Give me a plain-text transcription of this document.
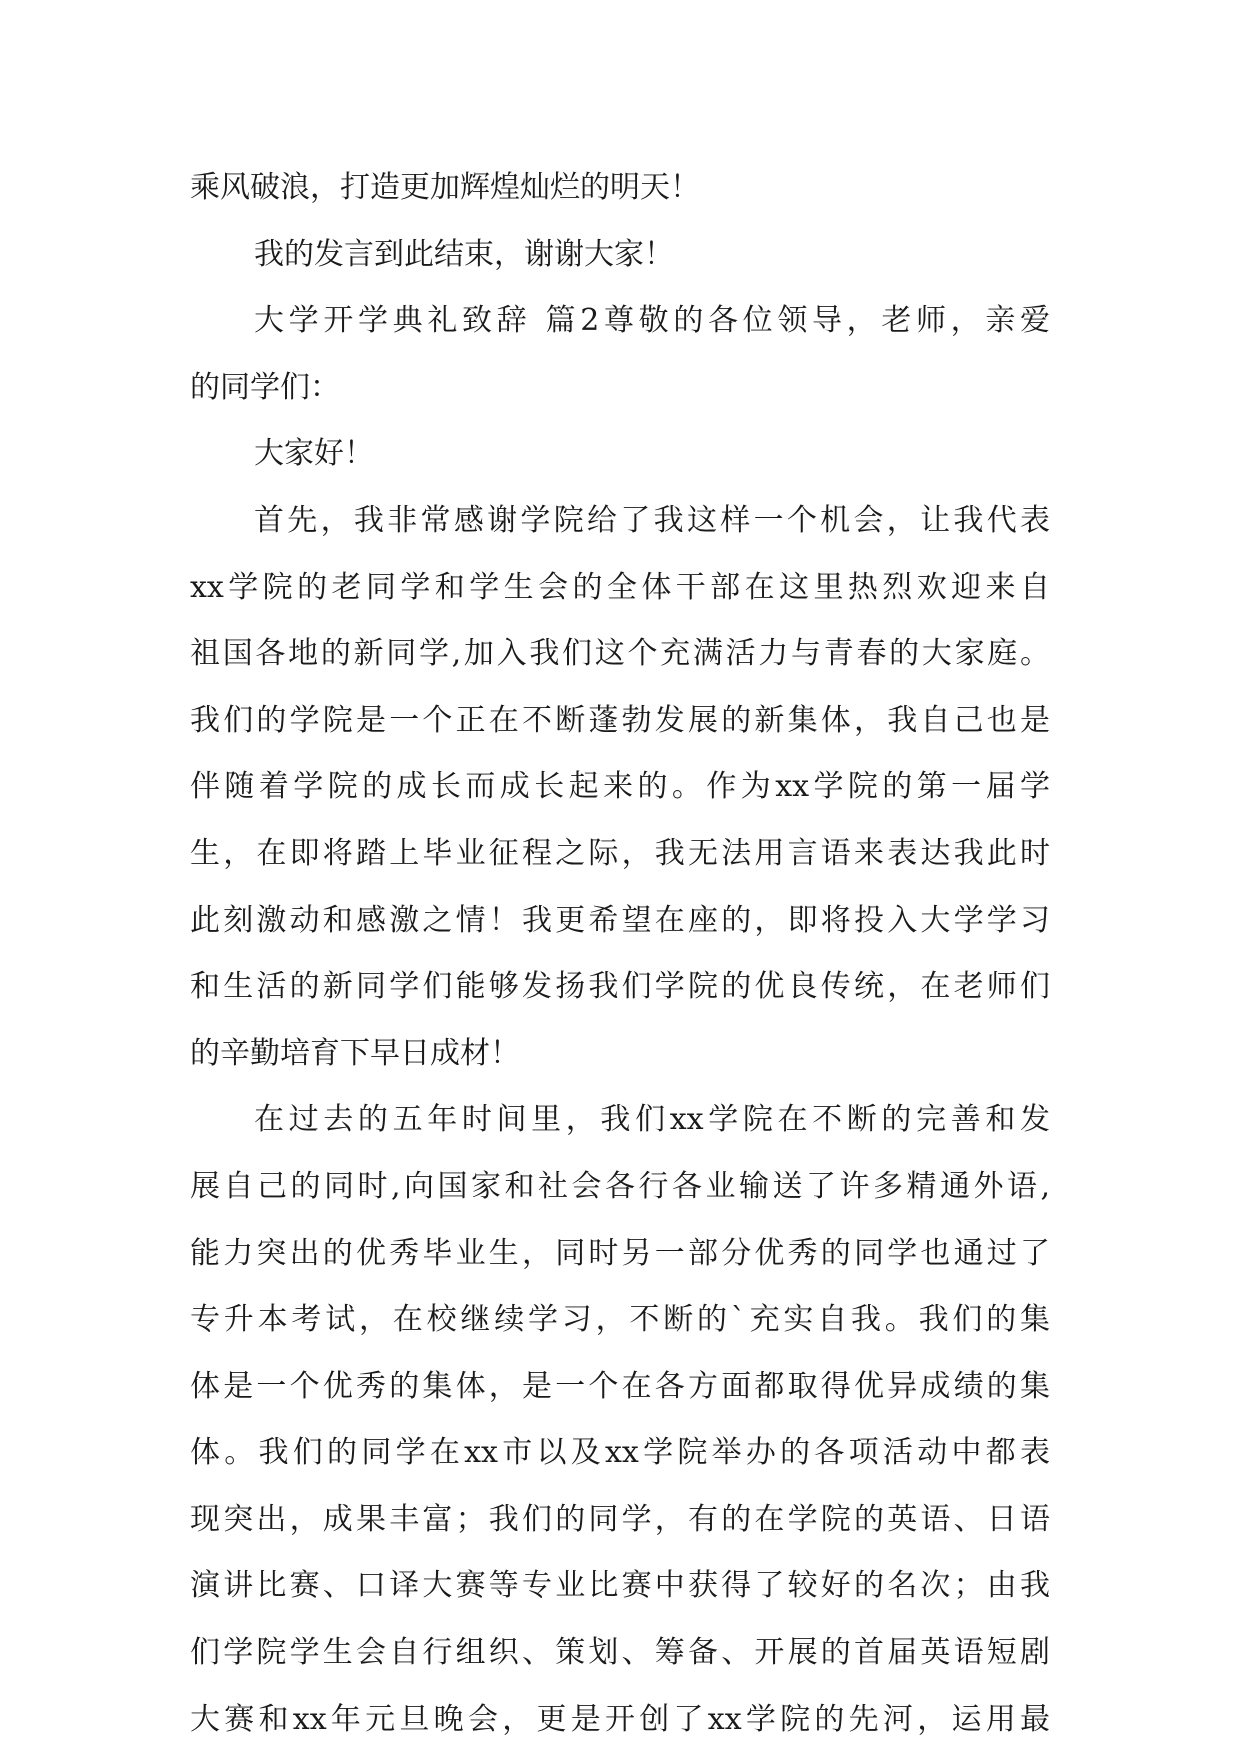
乘风破浪，打造更加辉煌灿烂的明天！
我的发言到此结束，谢谢大家！
大学开学典礼致辞 篇2尊敬的各位领导，老师，亲爱
的同学们：
大家好！
首先，我非常感谢学院给了我这样一个机会，让我代表
xx学院的老同学和学生会的全体干部在这里热烈欢迎来自
祖国各地的新同学,加入我们这个充满活力与青春的大家庭。
我们的学院是一个正在不断蓬勃发展的新集体，我自己也是
伴随着学院的成长而成长起来的。作为xx学院的第一届学
生，在即将踏上毕业征程之际，我无法用言语来表达我此时
此刻激动和感激之情！我更希望在座的，即将投入大学学习
和生活的新同学们能够发扬我们学院的优良传统，在老师们
的辛勤培育下早日成材！
在过去的五年时间里，我们xx学院在不断的完善和发
展自己的同时,向国家和社会各行各业输送了许多精通外语,
能力突出的优秀毕业生，同时另一部分优秀的同学也通过了
专升本考试，在校继续学习，不断的`充实自我。我们的集
体是一个优秀的集体，是一个在各方面都取得优异成绩的集
体。我们的同学在xx市以及xx学院举办的各项活动中都表
现突出，成果丰富；我们的同学，有的在学院的英语、日语
演讲比赛、口译大赛等专业比赛中获得了较好的名次；由我
们学院学生会自行组织、策划、筹备、开展的首届英语短剧
大赛和xx年元旦晚会，更是开创了xx学院的先河，运用最
